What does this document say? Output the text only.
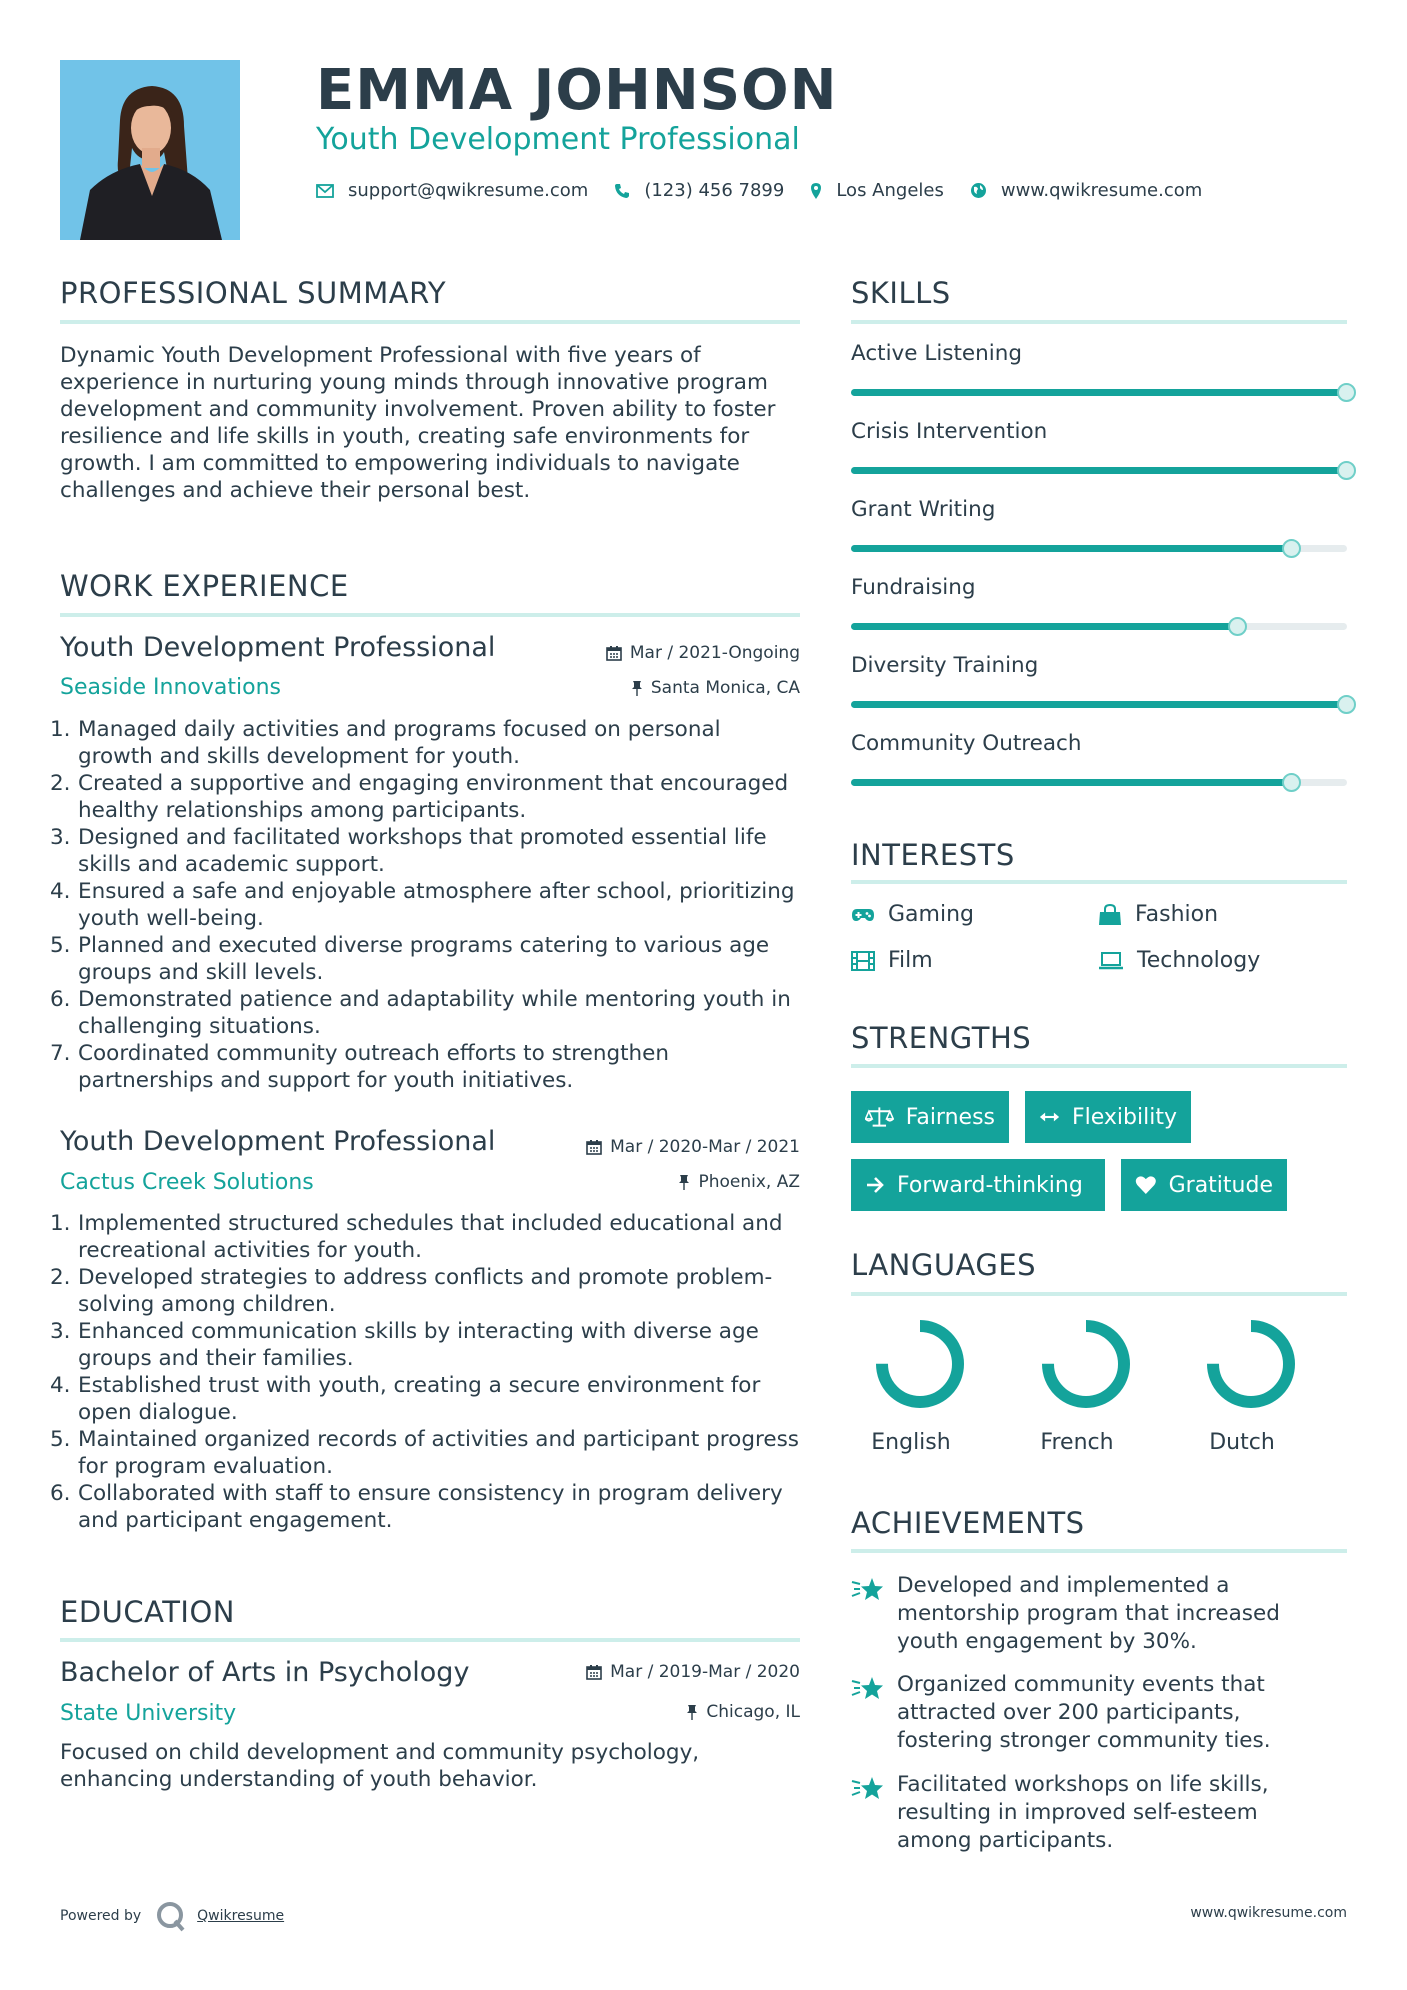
EMMA JOHNSON
Youth Development Professional
support@qwikresume.com	(123) 456 7899	Los Angeles	www.qwikresume.com
PROFESSIONAL SUMMARY
Dynamic Youth Development Professional with five years of experience in nurturing young minds through innovative program development and community involvement. Proven ability to foster resilience and life skills in youth, creating safe environments for growth. I am committed to empowering individuals to navigate challenges and achieve their personal best.
WORK EXPERIENCE
Youth Development Professional	Mar / 2021-Ongoing
Seaside Innovations	Santa Monica, CA
1. Managed daily activities and programs focused on personal growth and skills development for youth.
2. Created a supportive and engaging environment that encouraged healthy relationships among participants.
3. Designed and facilitated workshops that promoted essential life skills and academic support.
4. Ensured a safe and enjoyable atmosphere after school, prioritizing youth well-being.
5. Planned and executed diverse programs catering to various age groups and skill levels.
6. Demonstrated patience and adaptability while mentoring youth in challenging situations.
7. Coordinated community outreach efforts to strengthen partnerships and support for youth initiatives.
Youth Development Professional	Mar / 2020-Mar / 2021
Cactus Creek Solutions	Phoenix, AZ
1. Implemented structured schedules that included educational and recreational activities for youth.
2. Developed strategies to address conflicts and promote problem-solving among children.
3. Enhanced communication skills by interacting with diverse age groups and their families.
4. Established trust with youth, creating a secure environment for open dialogue.
5. Maintained organized records of activities and participant progress for program evaluation.
6. Collaborated with staff to ensure consistency in program delivery and participant engagement.
EDUCATION
Bachelor of Arts in Psychology	Mar / 2019-Mar / 2020
State University	Chicago, IL
Focused on child development and community psychology, enhancing understanding of youth behavior.
SKILLS
Active Listening
Crisis Intervention
Grant Writing
Fundraising
Diversity Training
Community Outreach
INTERESTS
Gaming	Fashion
Film	Technology
STRENGTHS
Fairness	Flexibility
Forward-thinking	Gratitude
LANGUAGES
English	French	Dutch
ACHIEVEMENTS
Developed and implemented a mentorship program that increased youth engagement by 30%.
Organized community events that attracted over 200 participants, fostering stronger community ties.
Facilitated workshops on life skills, resulting in improved self-esteem among participants.
Powered by	Qwikresume	www.qwikresume.com
